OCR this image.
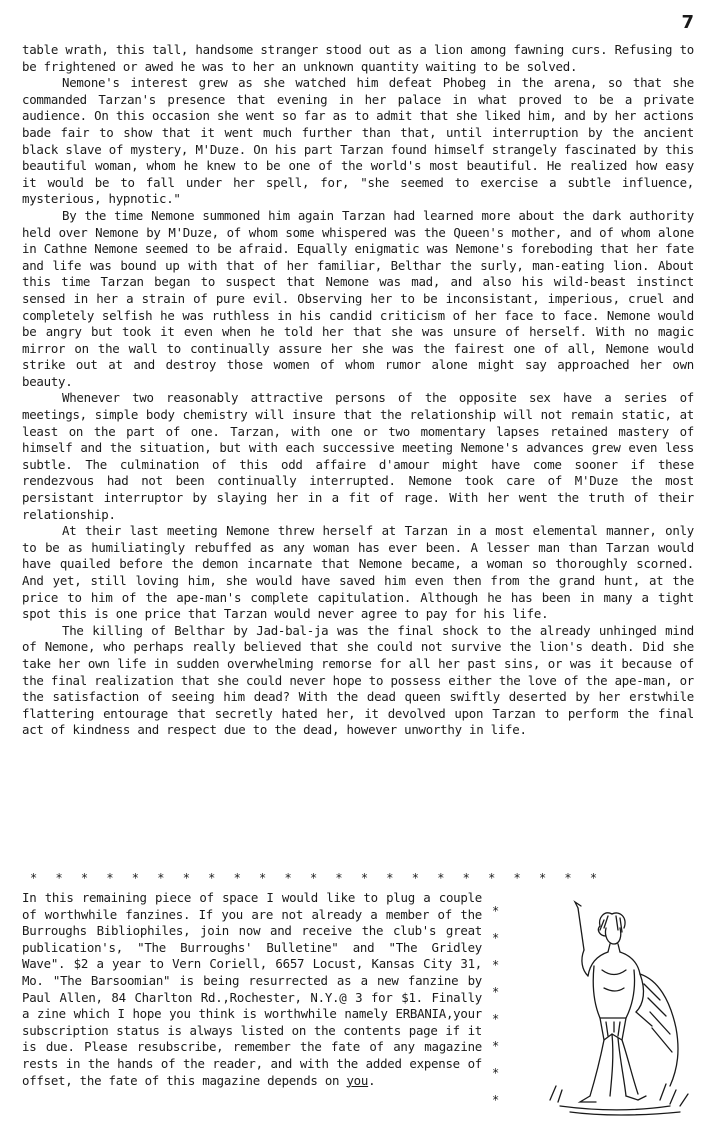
7

table wrath, this tall, handsome stranger stood out as a lion among fawning curs. Refusing to be frightened or awed he was to her an unknown quantity waiting to be solved.

Nemone's interest grew as she watched him defeat Phobeg in the arena, so that she commanded Tarzan's presence that evening in her palace in what proved to be a private audience. On this occasion she went so far as to admit that she liked him, and by her actions bade fair to show that it went much further than that, until interruption by the ancient black slave of mystery, M'Duze. On his part Tarzan found himself strangely fascinated by this beautiful woman, whom he knew to be one of the world's most beautiful. He realized how easy it would be to fall under her spell, for, "she seemed to exercise a subtle influence, mysterious, hypnotic."

By the time Nemone summoned him again Tarzan had learned more about the dark authority held over Nemone by M'Duze, of whom some whispered was the Queen's mother, and of whom alone in Cathne Nemone seemed to be afraid. Equally enigmatic was Nemone's foreboding that her fate and life was bound up with that of her familiar, Belthar the surly, man-eating lion. About this time Tarzan began to suspect that Nemone was mad, and also his wild-beast instinct sensed in her a strain of pure evil. Observing her to be inconsistant, imperious, cruel and completely selfish he was ruthless in his candid criticism of her face to face. Nemone would be angry but took it even when he told her that she was unsure of herself. With no magic mirror on the wall to continually assure her she was the fairest one of all, Nemone would strike out at and destroy those women of whom rumor alone might say approached her own beauty.

Whenever two reasonably attractive persons of the opposite sex have a series of meetings, simple body chemistry will insure that the relationship will not remain static, at least on the part of one. Tarzan, with one or two momentary lapses retained mastery of himself and the situation, but with each successive meeting Nemone's advances grew even less subtle. The culmination of this odd affaire d'amour might have come sooner if these rendezvous had not been continually interrupted. Nemone took care of M'Duze the most persistant interruptor by slaying her in a fit of rage. With her went the truth of their relationship.

At their last meeting Nemone threw herself at Tarzan in a most elemental manner, only to be as humiliatingly rebuffed as any woman has ever been. A lesser man than Tarzan would have quailed before the demon incarnate that Nemone became, a woman so thoroughly scorned. And yet, still loving him, she would have saved him even then from the grand hunt, at the price to him of the ape-man's complete capitulation. Although he has been in many a tight spot this is one price that Tarzan would never agree to pay for his life.

The killing of Belthar by Jad-bal-ja was the final shock to the already unhinged mind of Nemone, who perhaps really believed that she could not survive the lion's death. Did she take her own life in sudden overwhelming remorse for all her past sins, or was it because of the final realization that she could never hope to possess either the love of the ape-man, or the satisfaction of seeing him dead? With the dead queen swiftly deserted by her erstwhile flattering entourage that secretly hated her, it devolved upon Tarzan to perform the final act of kindness and respect due to the dead, however unworthy in life.

* * * * * * * * * * * * * * * * * * * * * * *

In this remaining piece of space I would like to plug a couple of worthwhile fanzines. If you are not already a member of the Burroughs Bibliophiles, join now and receive the club's great publication's, "The Burroughs' Bulletine" and "The Gridley Wave". $2 a year to Vern Coriell, 6657 Locust, Kansas City 31, Mo. "The Barsoomian" is being resurrected as a new fanzine by Paul Allen, 84 Charlton Rd.,Rochester, N.Y.@ 3 for $1. Finally a zine which I hope you think is worthwhile namely ERBANIA,your subscription status is always listed on the contents page if it is due. Please resubscribe, remember the fate of any magazine rests in the hands of the reader, and with the added expense of offset, the fate of this magazine depends on you.

*
*
*
*
*
*
*
*
